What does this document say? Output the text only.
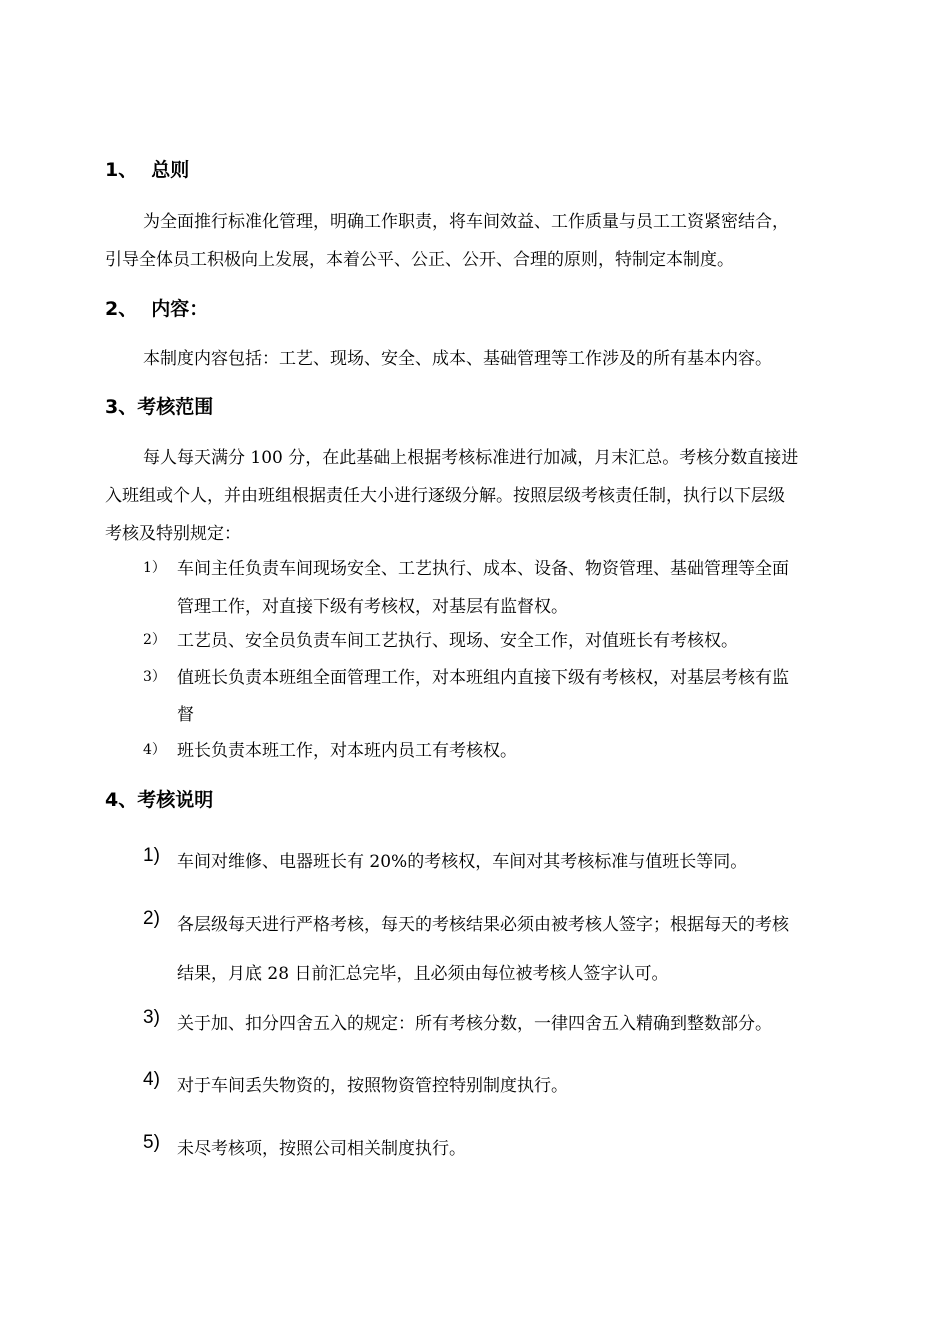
1、 总则
为全面推行标准化管理，明确工作职责，将车间效益、工作质量与员工工资紧密结合，
引导全体员工积极向上发展，本着公平、公正、公开、合理的原则，特制定本制度。
2、 内容：
本制度内容包括：工艺、现场、安全、成本、基础管理等工作涉及的所有基本内容。
3、考核范围
每人每天满分 100 分，在此基础上根据考核标准进行加减，月末汇总。考核分数直接进
入班组或个人，并由班组根据责任大小进行逐级分解。按照层级考核责任制，执行以下层级
考核及特别规定：
1） 车间主任负责车间现场安全、工艺执行、成本、设备、物资管理、基础管理等全面
管理工作，对直接下级有考核权，对基层有监督权。
2） 工艺员、安全员负责车间工艺执行、现场、安全工作，对值班长有考核权。
3） 值班长负责本班组全面管理工作，对本班组内直接下级有考核权，对基层考核有监
督
4） 班长负责本班工作，对本班内员工有考核权。
4、考核说明
1) 车间对维修、电器班长有 20%的考核权，车间对其考核标准与值班长等同。
2) 各层级每天进行严格考核，每天的考核结果必须由被考核人签字；根据每天的考核
结果，月底 28 日前汇总完毕，且必须由每位被考核人签字认可。
3) 关于加、扣分四舍五入的规定：所有考核分数，一律四舍五入精确到整数部分。
4) 对于车间丢失物资的，按照物资管控特别制度执行。
5) 未尽考核项，按照公司相关制度执行。
